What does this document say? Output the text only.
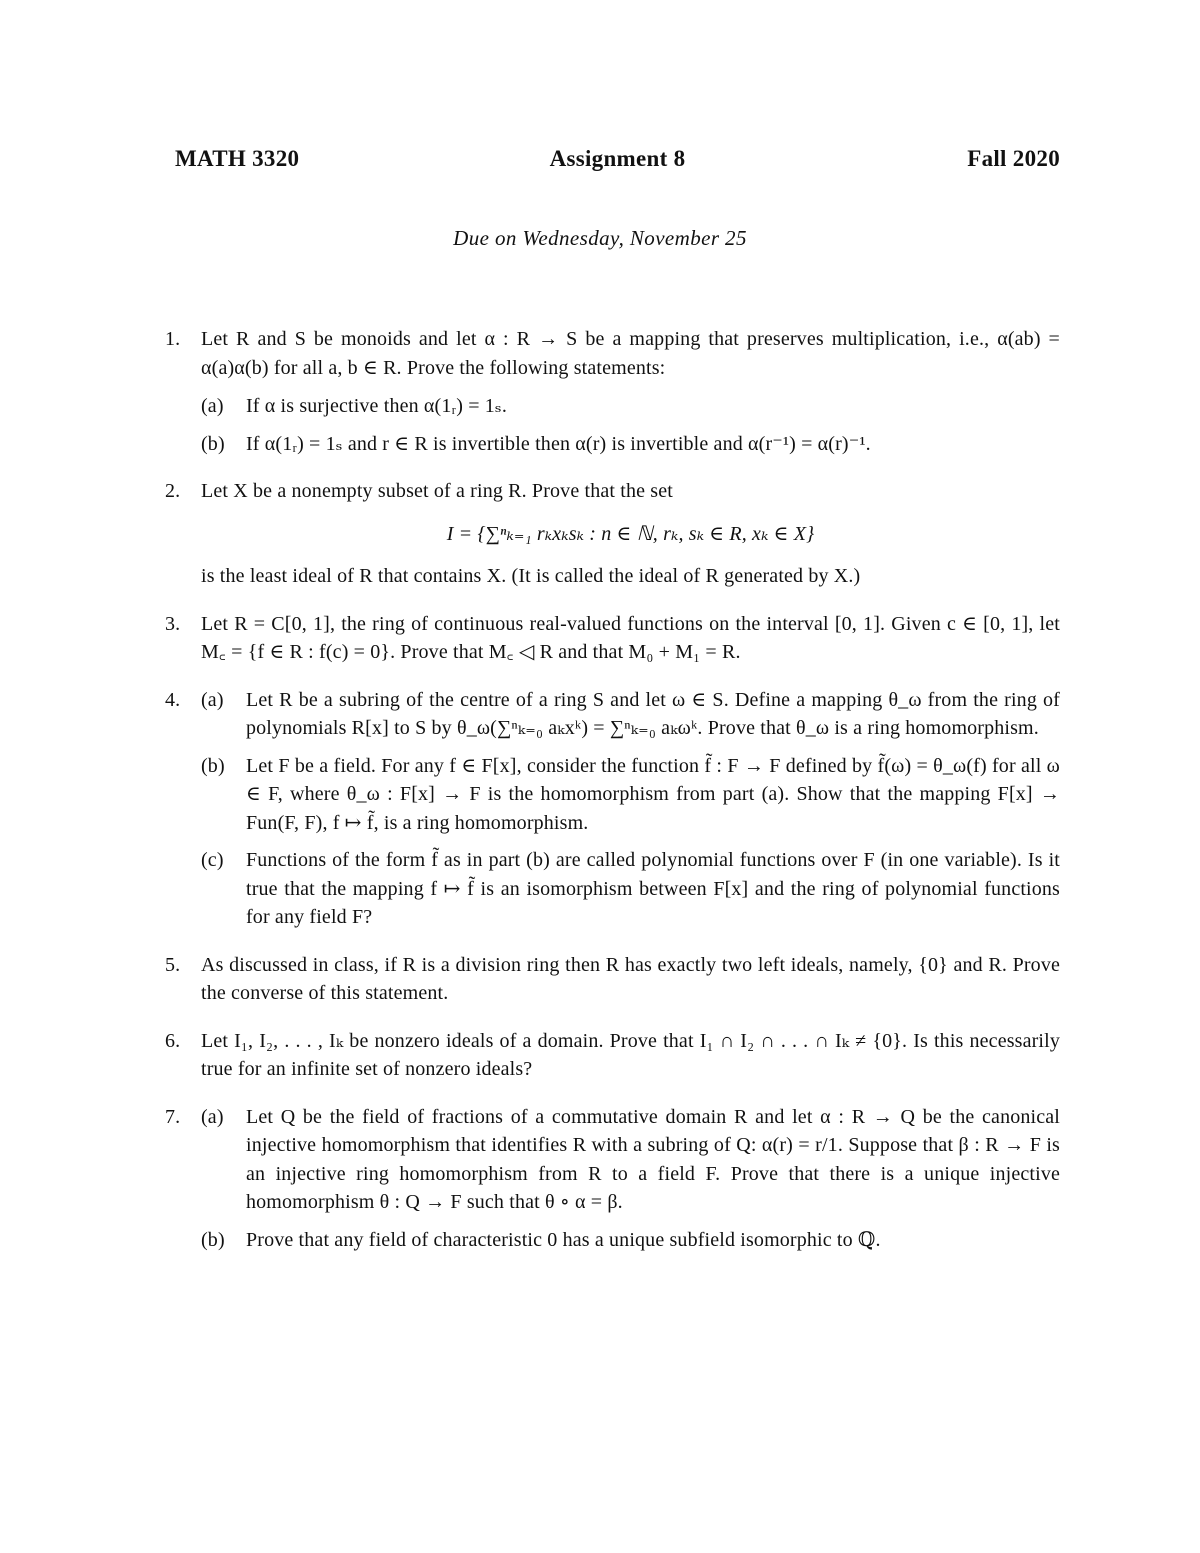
MATH 3320	Assignment 8	Fall 2020
Due on Wednesday, November 25
1.	Let R and S be monoids and let α : R → S be a mapping that preserves multiplication, i.e., α(ab) = α(a)α(b) for all a, b ∈ R. Prove the following statements:
(a)	If α is surjective then α(1ᵣ) = 1ₛ.
(b)	If α(1ᵣ) = 1ₛ and r ∈ R is invertible then α(r) is invertible and α(r⁻¹) = α(r)⁻¹.
2.	Let X be a nonempty subset of a ring R. Prove that the set
I = {∑ⁿₖ₌₁ rₖxₖsₖ : n ∈ ℕ, rₖ, sₖ ∈ R, xₖ ∈ X}
is the least ideal of R that contains X. (It is called the ideal of R generated by X.)
3.	Let R = C[0, 1], the ring of continuous real-valued functions on the interval [0, 1]. Given c ∈ [0, 1], let M꜀ = {f ∈ R : f(c) = 0}. Prove that M꜀ ◁ R and that M₀ + M₁ = R.
4.	(a)	Let R be a subring of the centre of a ring S and let ω ∈ S. Define a mapping θ_ω from the ring of polynomials R[x] to S by θ_ω(∑ⁿₖ₌₀ aₖxᵏ) = ∑ⁿₖ₌₀ aₖωᵏ. Prove that θ_ω is a ring homomorphism.
(b)	Let F be a field. For any f ∈ F[x], consider the function f̃ : F → F defined by f̃(ω) = θ_ω(f) for all ω ∈ F, where θ_ω : F[x] → F is the homomorphism from part (a). Show that the mapping F[x] → Fun(F, F), f ↦ f̃, is a ring homomorphism.
(c)	Functions of the form f̃ as in part (b) are called polynomial functions over F (in one variable). Is it true that the mapping f ↦ f̃ is an isomorphism between F[x] and the ring of polynomial functions for any field F?
5.	As discussed in class, if R is a division ring then R has exactly two left ideals, namely, {0} and R. Prove the converse of this statement.
6.	Let I₁, I₂, . . . , Iₖ be nonzero ideals of a domain. Prove that I₁ ∩ I₂ ∩ . . . ∩ Iₖ ≠ {0}. Is this necessarily true for an infinite set of nonzero ideals?
7.	(a)	Let Q be the field of fractions of a commutative domain R and let α : R → Q be the canonical injective homomorphism that identifies R with a subring of Q: α(r) = r/1. Suppose that β : R → F is an injective ring homomorphism from R to a field F. Prove that there is a unique injective homomorphism θ : Q → F such that θ ∘ α = β.
(b)	Prove that any field of characteristic 0 has a unique subfield isomorphic to ℚ.
